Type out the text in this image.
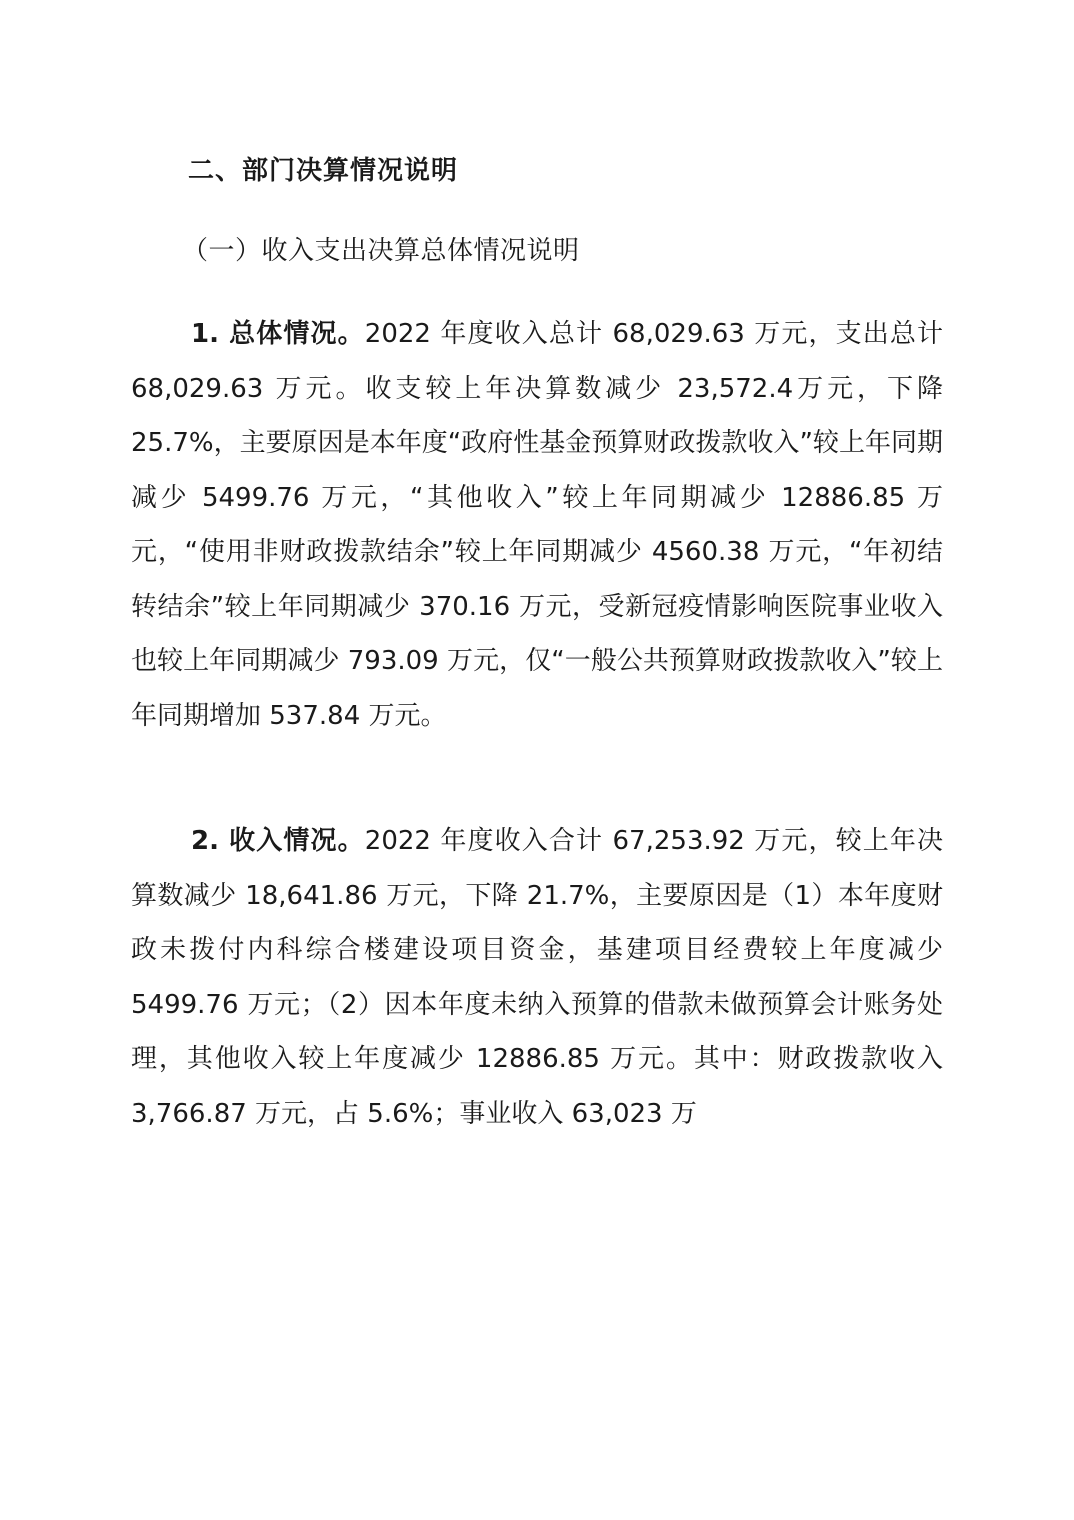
二、部门决算情况说明
（一）收入支出决算总体情况说明

1. 总体情况。2022 年度收入总计 68,029.63 万元，支出总计 68,029.63 万元。收支较上年决算数减少 23,572.4万元，下降 25.7%，主要原因是本年度“政府性基金预算财政拨款收入”较上年同期减少 5499.76 万元，“其他收入”较上年同期减少 12886.85 万元，“使用非财政拨款结余”较上年同期减少 4560.38 万元，“年初结转结余”较上年同期减少 370.16 万元，受新冠疫情影响医院事业收入也较上年同期减少 793.09 万元，仅“一般公共预算财政拨款收入”较上年同期增加 537.84 万元。

2. 收入情况。2022 年度收入合计 67,253.92 万元，较上年决算数减少 18,641.86 万元，下降 21.7%，主要原因是（1）本年度财政未拨付内科综合楼建设项目资金，基建项目经费较上年度减少 5499.76 万元；（2）因本年度未纳入预算的借款未做预算会计账务处理，其他收入较上年度减少 12886.85 万元。其中：财政拨款收入 3,766.87 万元，占 5.6%；事业收入 63,023 万
